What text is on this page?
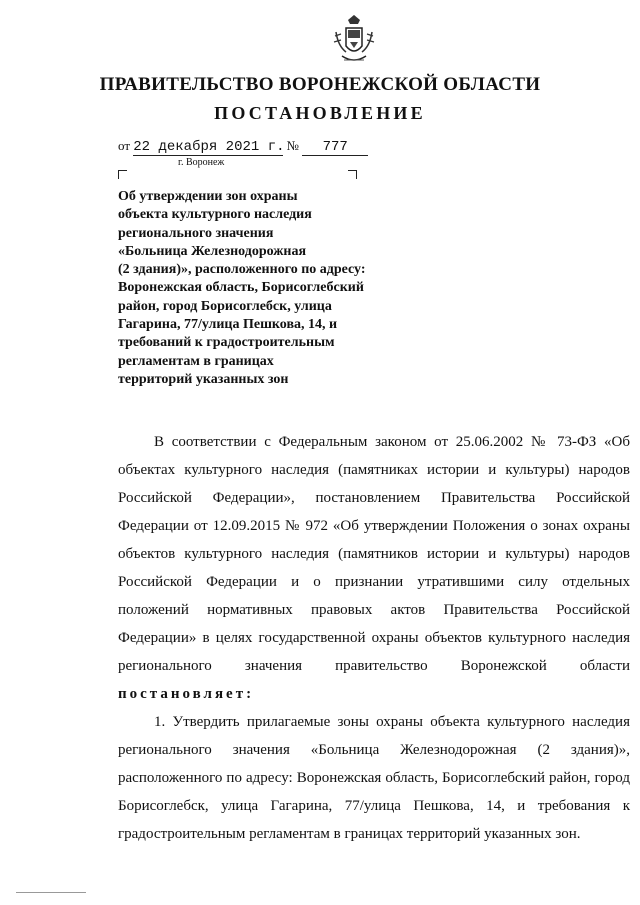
ПРАВИТЕЛЬСТВО ВОРОНЕЖСКОЙ ОБЛАСТИ
ПОСТАНОВЛЕНИЕ
от 22 декабря 2021 г. № 777
г. Воронеж
Об утверждении зон охраны
объекта культурного наследия
регионального значения
«Больница Железнодорожная
(2 здания)», расположенного по адресу:
Воронежская область, Борисоглебский
район, город Борисоглебск, улица
Гагарина, 77/улица Пешкова, 14, и
требований к градостроительным
регламентам в границах
территорий указанных зон

В соответствии с Федеральным законом от 25.06.2002 № 73-ФЗ «Об объектах культурного наследия (памятниках истории и культуры) народов Российской Федерации», постановлением Правительства Российской Федерации от 12.09.2015 № 972 «Об утверждении Положения о зонах охраны объектов культурного наследия (памятников истории и культуры) народов Российской Федерации и о признании утратившими силу отдельных положений нормативных правовых актов Правительства Российской Федерации» в целях государственной охраны объектов культурного наследия регионального значения правительство Воронежской области постановляет:

1. Утвердить прилагаемые зоны охраны объекта культурного наследия регионального значения «Больница Железнодорожная (2 здания)», расположенного по адресу: Воронежская область, Борисоглебский район, город Борисоглебск, улица Гагарина, 77/улица Пешкова, 14, и требования к градостроительным регламентам в границах территорий указанных зон.
